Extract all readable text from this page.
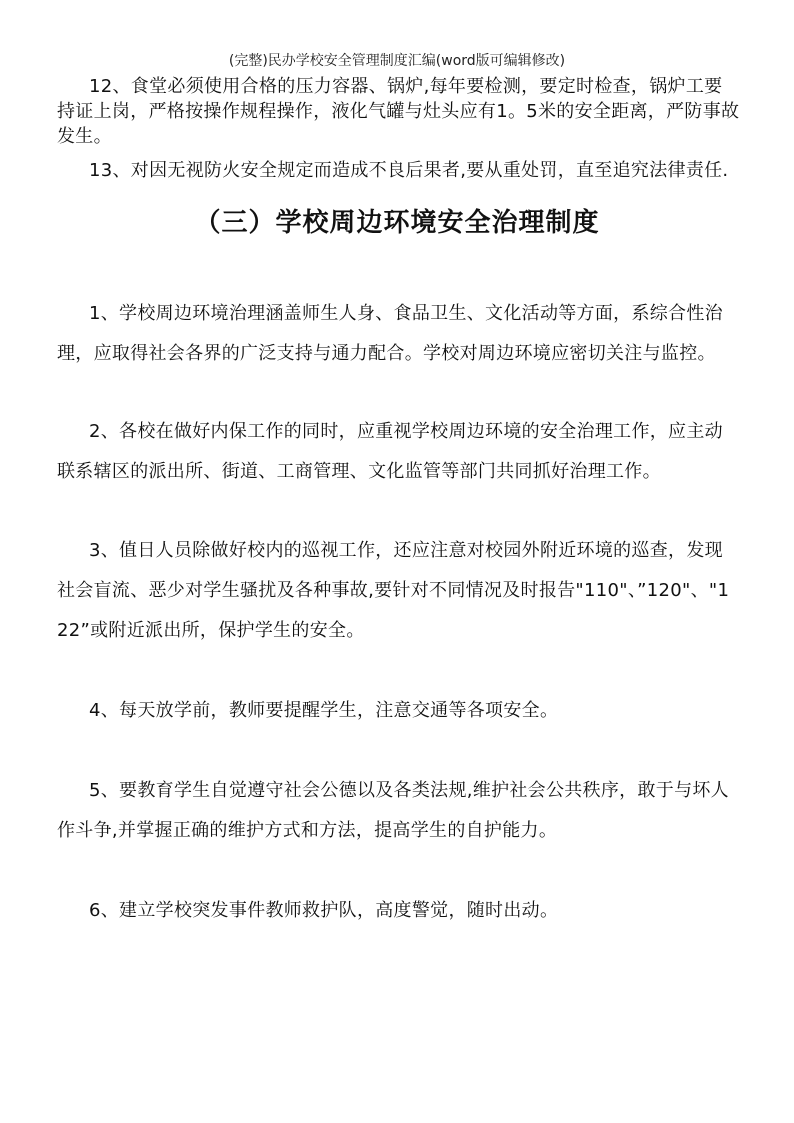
(完整)民办学校安全管理制度汇编(word版可编辑修改)
12、食堂必须使用合格的压力容器、锅炉,每年要检测，要定时检查，锅炉工要持证上岗，严格按操作规程操作，液化气罐与灶头应有1。5米的安全距离，严防事故发生。
13、对因无视防火安全规定而造成不良后果者,要从重处罚，直至追究法律责任.
（三）学校周边环境安全治理制度
1、学校周边环境治理涵盖师生人身、食品卫生、文化活动等方面，系综合性治理，应取得社会各界的广泛支持与通力配合。学校对周边环境应密切关注与监控。
2、各校在做好内保工作的同时，应重视学校周边环境的安全治理工作，应主动联系辖区的派出所、街道、工商管理、文化监管等部门共同抓好治理工作。
3、值日人员除做好校内的巡视工作，还应注意对校园外附近环境的巡查，发现社会盲流、恶少对学生骚扰及各种事故,要针对不同情况及时报告"110"、”120"、"122”或附近派出所，保护学生的安全。
4、每天放学前，教师要提醒学生，注意交通等各项安全。
5、要教育学生自觉遵守社会公德以及各类法规,维护社会公共秩序，敢于与坏人作斗争,并掌握正确的维护方式和方法，提高学生的自护能力。
6、建立学校突发事件教师救护队，高度警觉，随时出动。
